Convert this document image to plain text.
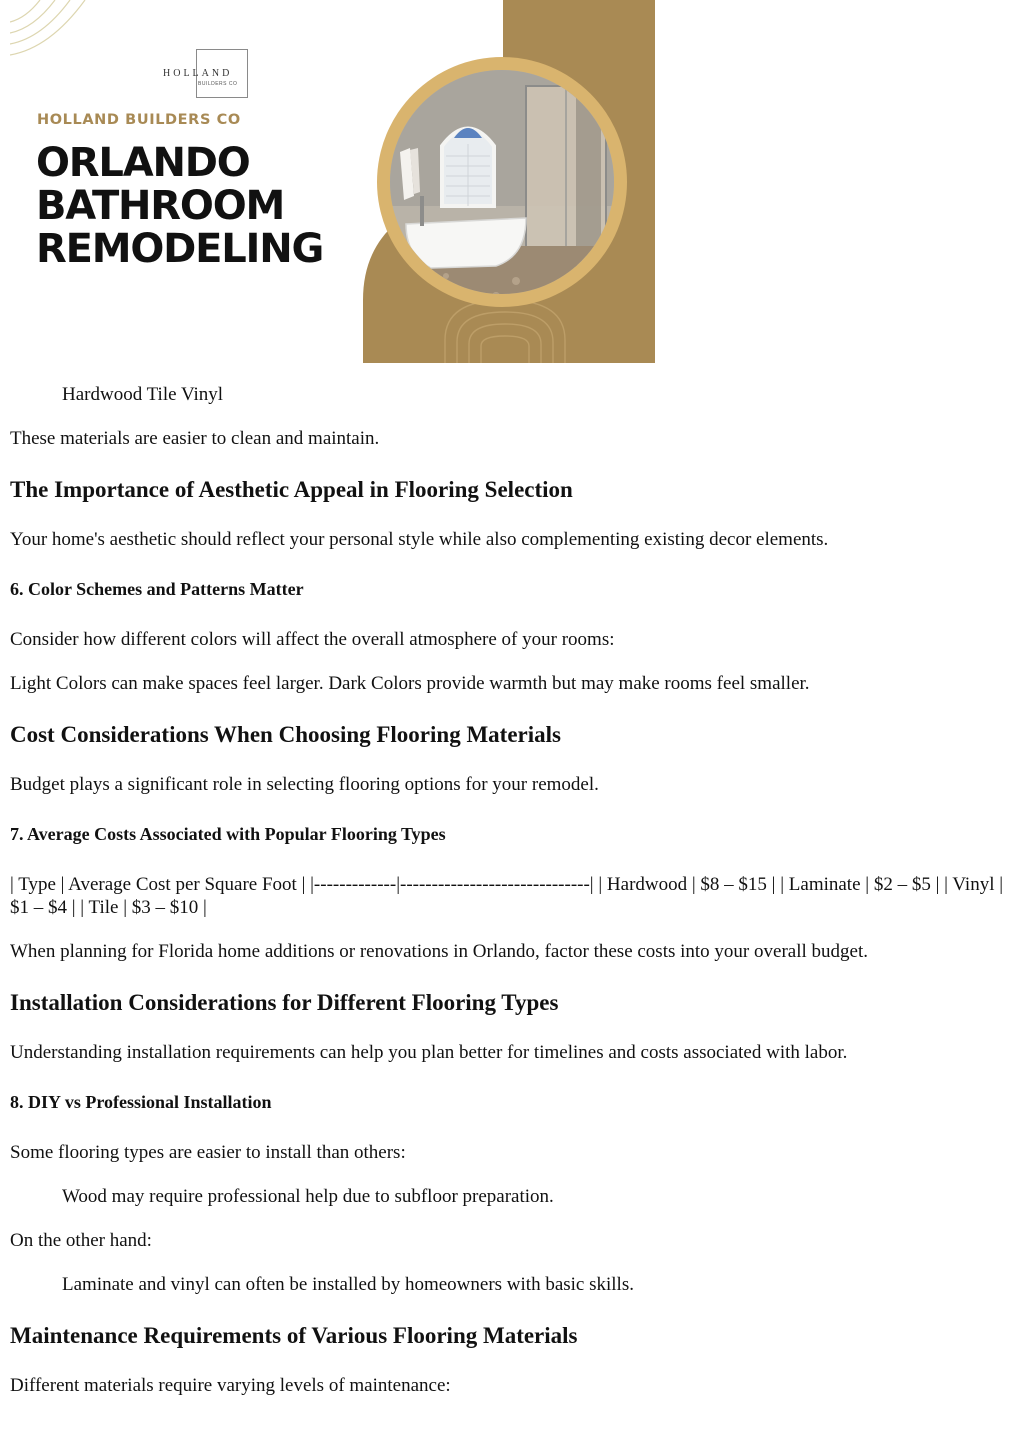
HOLLAND
BUILDERS CO
HOLLAND BUILDERS CO
ORLANDO
BATHROOM
REMODELING
Hardwood Tile Vinyl

These materials are easier to clean and maintain.

The Importance of Aesthetic Appeal in Flooring Selection

Your home's aesthetic should reflect your personal style while also complementing existing decor elements.

6. Color Schemes and Patterns Matter

Consider how different colors will affect the overall atmosphere of your rooms:

Light Colors can make spaces feel larger. Dark Colors provide warmth but may make rooms feel smaller.

Cost Considerations When Choosing Flooring Materials

Budget plays a significant role in selecting flooring options for your remodel.

7. Average Costs Associated with Popular Flooring Types

| Type | Average Cost per Square Foot | |-------------|------------------------------| | Hardwood | $8 – $15 | | Laminate | $2 – $5 | | Vinyl | $1 – $4 | | Tile | $3 – $10 |

When planning for Florida home additions or renovations in Orlando, factor these costs into your overall budget.

Installation Considerations for Different Flooring Types

Understanding installation requirements can help you plan better for timelines and costs associated with labor.

8. DIY vs Professional Installation

Some flooring types are easier to install than others:

Wood may require professional help due to subfloor preparation.

On the other hand:

Laminate and vinyl can often be installed by homeowners with basic skills.
Maintenance Requirements of Various Flooring Materials

Different materials require varying levels of maintenance:
